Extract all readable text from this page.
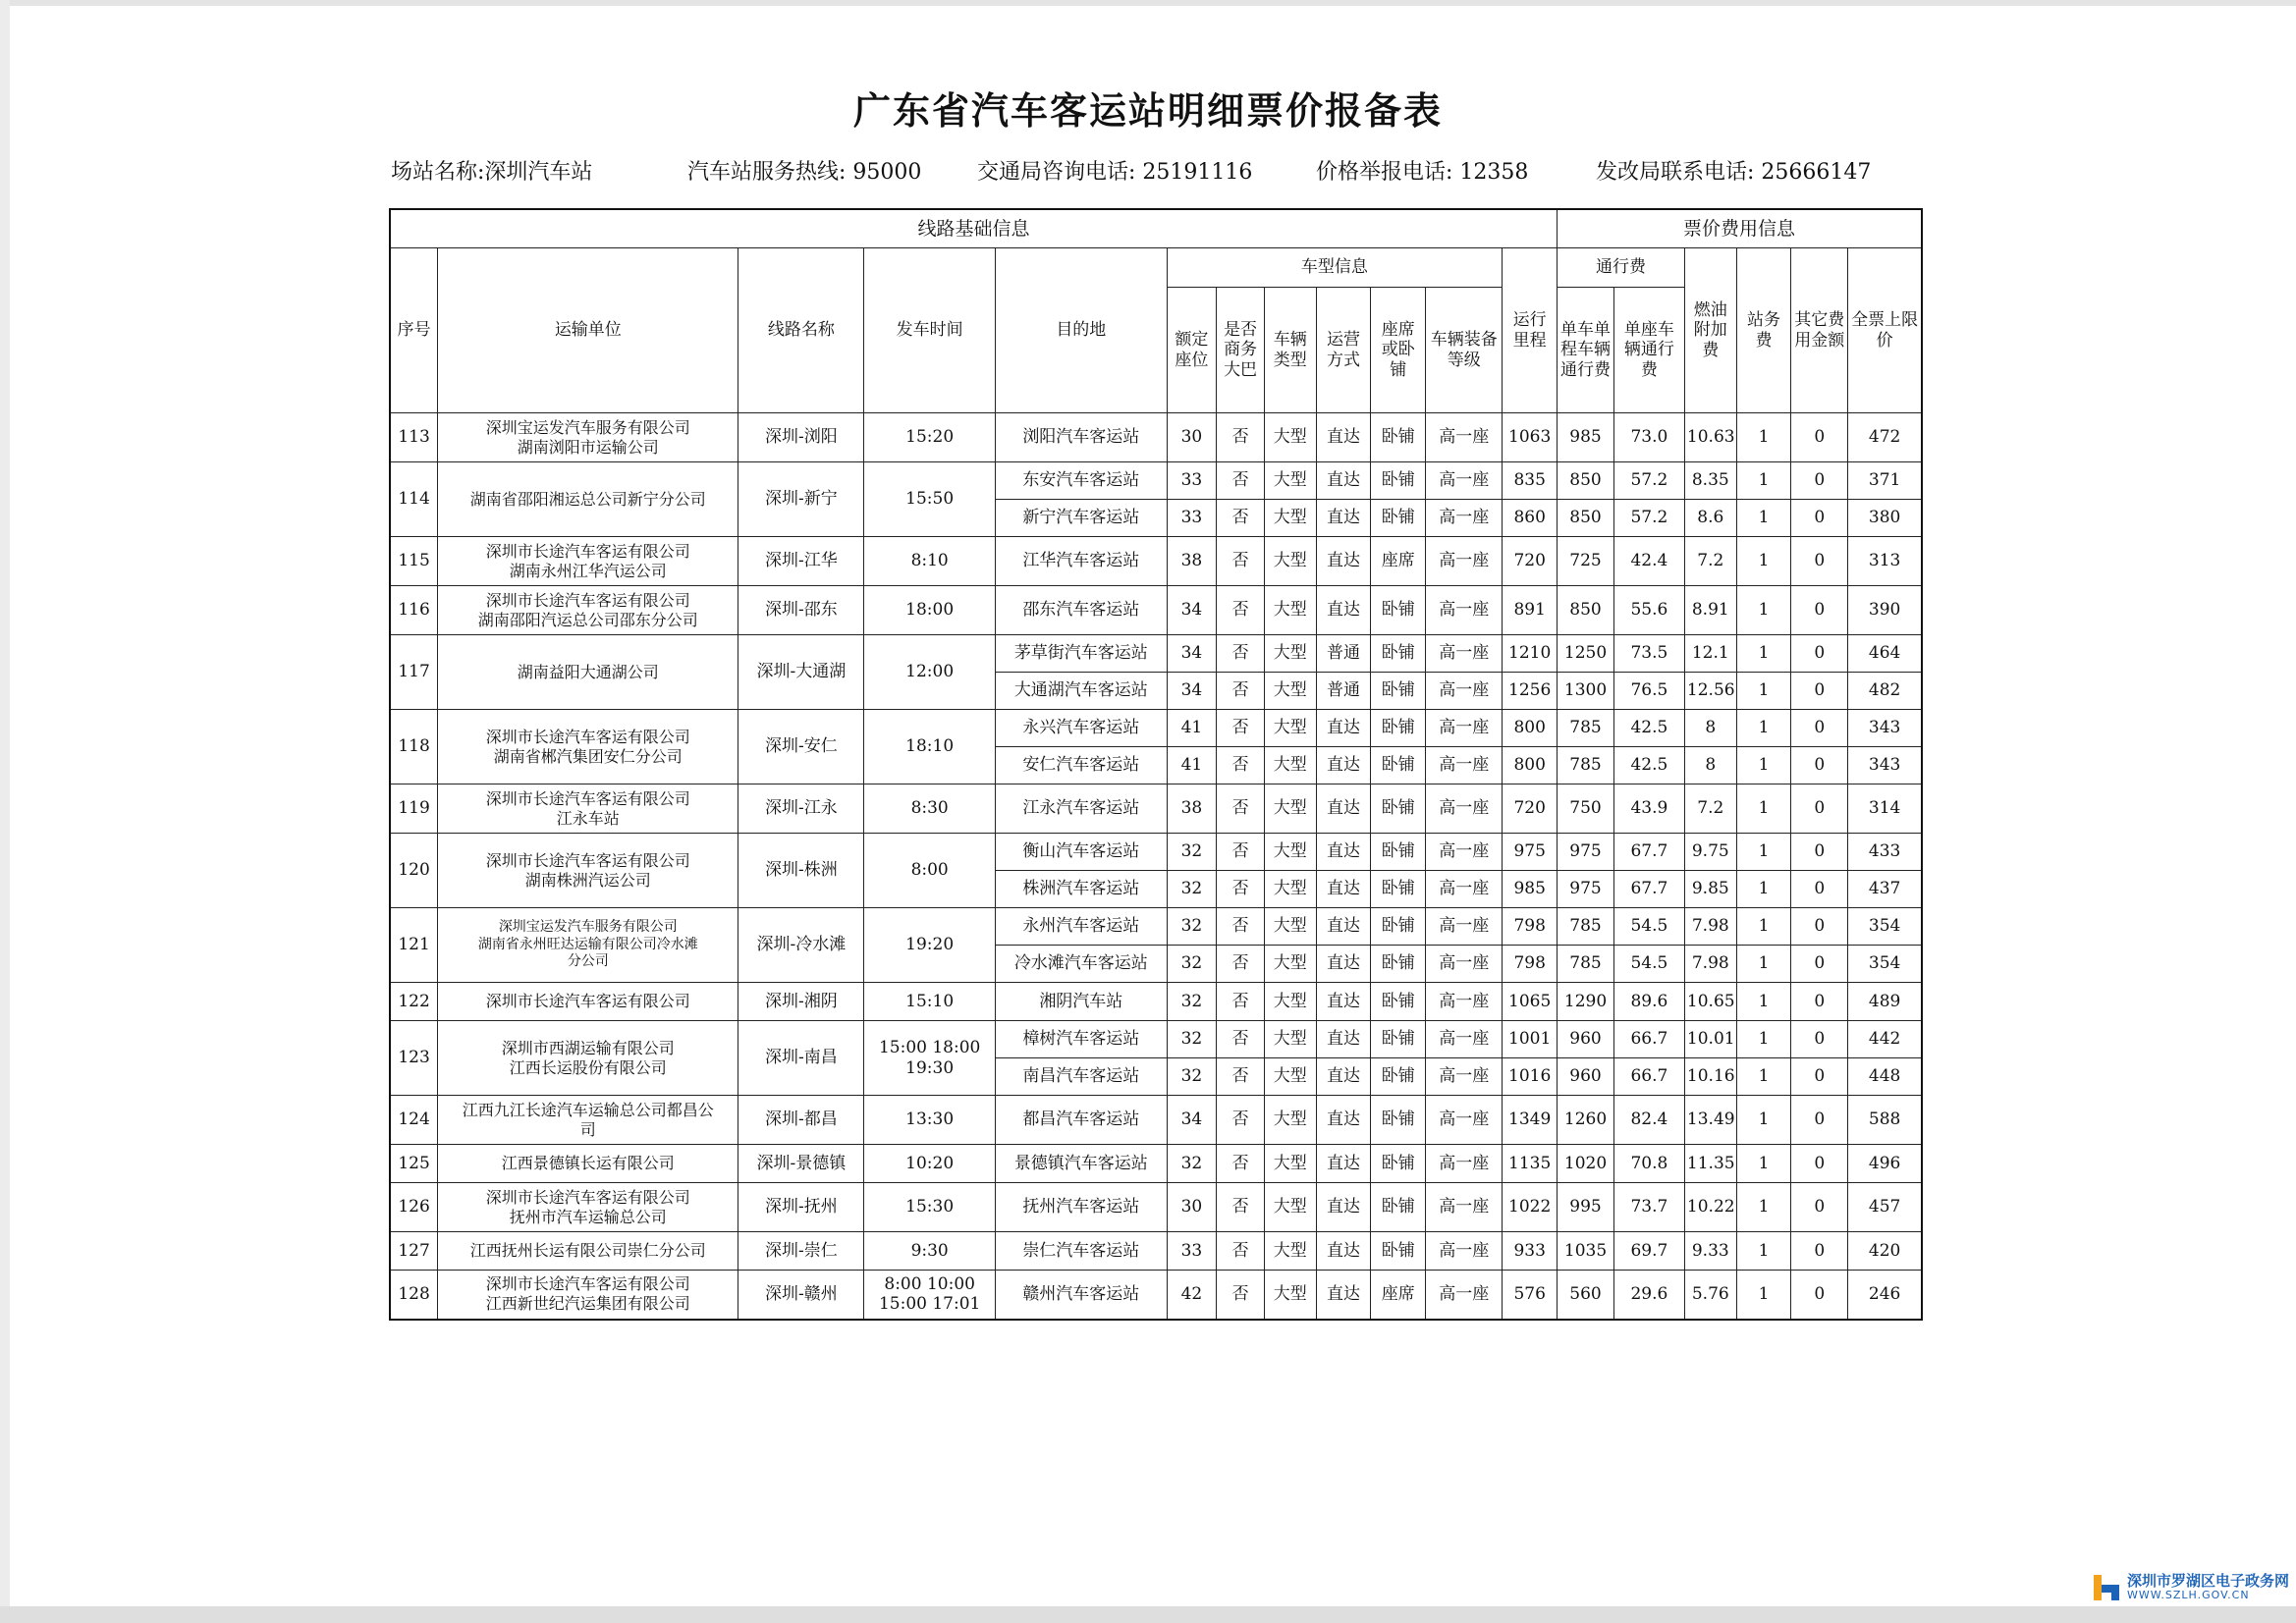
广东省汽车客运站明细票价报备表
场站名称:深圳汽车站	汽车站服务热线: 95000	交通局咨询电话: 25191116	价格举报电话: 12358	发改局联系电话: 25666147
线路基础信息												票价费用信息					
序号	运输单位	线路名称	发车时间	目的地	车型信息						运行里程	通行费		燃油附加费	站务费	其它费用金额	全票上限价
					额定座位	是否商务大巴	车辆类型	运营方式	座席或卧铺	车辆装备等级		单车单程车辆通行费	单座车辆通行费				

113	深圳宝运发汽车服务有限公司
湖南浏阳市运输公司	深圳-浏阳	15:20	浏阳汽车客运站	30	否	大型	直达	卧铺	高一座	1063	985	73.0	10.63	1	0	472
114	湖南省邵阳湘运总公司新宁分公司	深圳-新宁	15:50	东安汽车客运站	33	否	大型	直达	卧铺	高一座	835	850	57.2	8.35	1	0	371
				新宁汽车客运站	33	否	大型	直达	卧铺	高一座	860	850	57.2	8.6	1	0	380
115	深圳市长途汽车客运有限公司
湖南永州江华汽运公司	深圳-江华	8:10	江华汽车客运站	38	否	大型	直达	座席	高一座	720	725	42.4	7.2	1	0	313
116	深圳市长途汽车客运有限公司
湖南邵阳汽运总公司邵东分公司	深圳-邵东	18:00	邵东汽车客运站	34	否	大型	直达	卧铺	高一座	891	850	55.6	8.91	1	0	390
117	湖南益阳大通湖公司	深圳-大通湖	12:00	茅草街汽车客运站	34	否	大型	普通	卧铺	高一座	1210	1250	73.5	12.1	1	0	464
				大通湖汽车客运站	34	否	大型	普通	卧铺	高一座	1256	1300	76.5	12.56	1	0	482
118	深圳市长途汽车客运有限公司
湖南省郴汽集团安仁分公司	深圳-安仁	18:10	永兴汽车客运站	41	否	大型	直达	卧铺	高一座	800	785	42.5	8	1	0	343
				安仁汽车客运站	41	否	大型	直达	卧铺	高一座	800	785	42.5	8	1	0	343
119	深圳市长途汽车客运有限公司
江永车站	深圳-江永	8:30	江永汽车客运站	38	否	大型	直达	卧铺	高一座	720	750	43.9	7.2	1	0	314
120	深圳市长途汽车客运有限公司
湖南株洲汽运公司	深圳-株洲	8:00	衡山汽车客运站	32	否	大型	直达	卧铺	高一座	975	975	67.7	9.75	1	0	433
				株洲汽车客运站	32	否	大型	直达	卧铺	高一座	985	975	67.7	9.85	1	0	437
121	深圳宝运发汽车服务有限公司
湖南省永州旺达运输有限公司冷水滩
分公司	深圳-冷水滩	19:20	永州汽车客运站	32	否	大型	直达	卧铺	高一座	798	785	54.5	7.98	1	0	354
				冷水滩汽车客运站	32	否	大型	直达	卧铺	高一座	798	785	54.5	7.98	1	0	354
122	深圳市长途汽车客运有限公司	深圳-湘阴	15:10	湘阴汽车站	32	否	大型	直达	卧铺	高一座	1065	1290	89.6	10.65	1	0	489
123	深圳市西湖运输有限公司
江西长运股份有限公司	深圳-南昌	15:00 18:00
19:30	樟树汽车客运站	32	否	大型	直达	卧铺	高一座	1001	960	66.7	10.01	1	0	442
				南昌汽车客运站	32	否	大型	直达	卧铺	高一座	1016	960	66.7	10.16	1	0	448
124	江西九江长途汽车运输总公司都昌公
司	深圳-都昌	13:30	都昌汽车客运站	34	否	大型	直达	卧铺	高一座	1349	1260	82.4	13.49	1	0	588
125	江西景德镇长运有限公司	深圳-景德镇	10:20	景德镇汽车客运站	32	否	大型	直达	卧铺	高一座	1135	1020	70.8	11.35	1	0	496
126	深圳市长途汽车客运有限公司
抚州市汽车运输总公司	深圳-抚州	15:30	抚州汽车客运站	30	否	大型	直达	卧铺	高一座	1022	995	73.7	10.22	1	0	457
127	江西抚州长运有限公司崇仁分公司	深圳-崇仁	9:30	崇仁汽车客运站	33	否	大型	直达	卧铺	高一座	933	1035	69.7	9.33	1	0	420
128	深圳市长途汽车客运有限公司
江西新世纪汽运集团有限公司	深圳-赣州	8:00 10:00
15:00 17:01	赣州汽车客运站	42	否	大型	直达	座席	高一座	576	560	29.6	5.76	1	0	246
深圳市罗湖区电子政务网
WWW.SZLH.GOV.CN
